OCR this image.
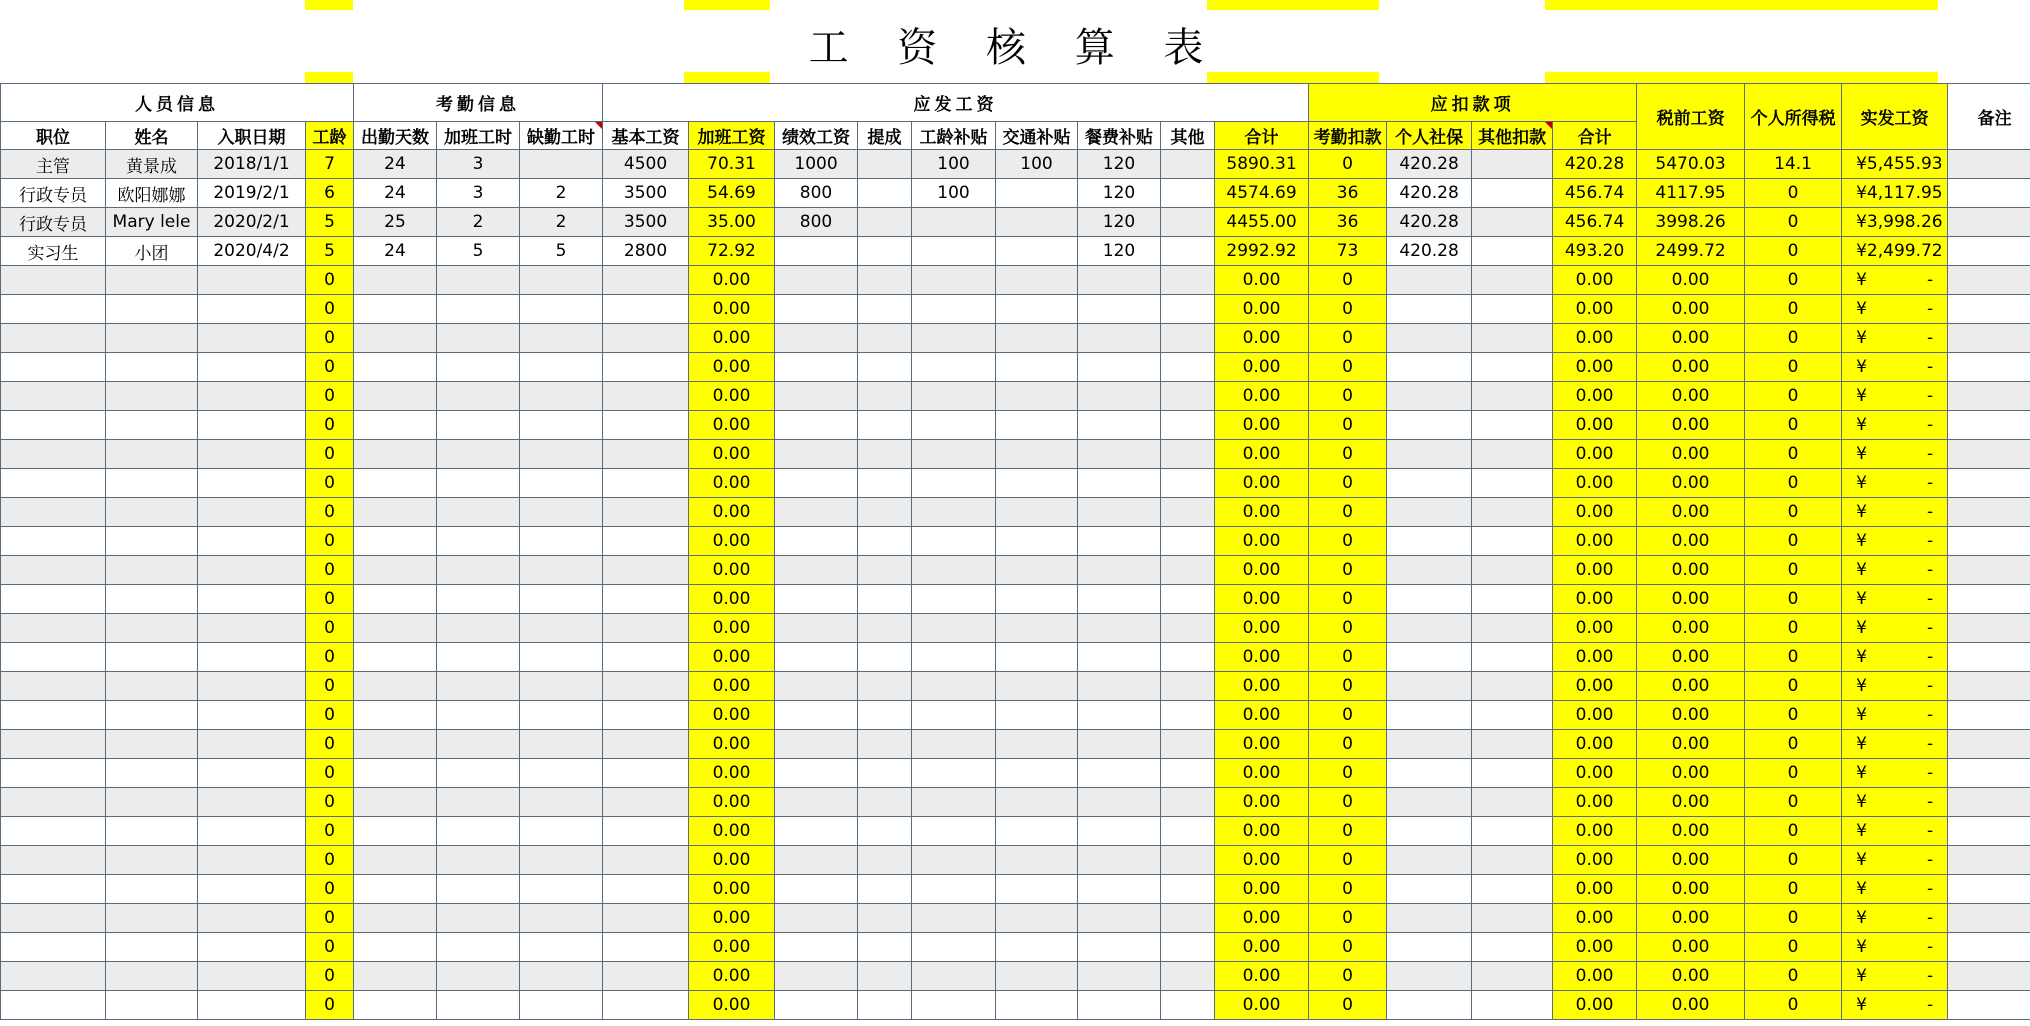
工 资 核 算 表
人员信息				考勤信息			应发工资									应扣款项				税前工资	个人所得税	实发工资	备注
职位	姓名	入职日期	工龄	出勤天数	加班工时	缺勤工时	基本工资	加班工资	绩效工资	提成	工龄补贴	交通补贴	餐费补贴	其他	合计	考勤扣款	个人社保	其他扣款	合计				
主管	黄景成	2018/1/1	7	24	3		4500	70.31	1000		100	100	120		5890.31	0	420.28		420.28	5470.03	14.1	¥ 5,455.93	

行政专员	欧阳娜娜	2019/2/1	6	24	3	2	3500	54.69	800		100		120		4574.69	36	420.28		456.74	4117.95	0	¥ 4,117.95	

行政专员	Mary lele	2020/2/1	5	25	2	2	3500	35.00	800				120		4455.00	36	420.28		456.74	3998.26	0	¥ 3,998.26	

实习生	小团	2020/4/2	5	24	5	5	2800	72.92					120		2992.92	73	420.28		493.20	2499.72	0	¥ 2,499.72	

			0					0.00							0.00	0			0.00	0.00	0	¥ -	

			0					0.00							0.00	0			0.00	0.00	0	¥ -	

			0					0.00							0.00	0			0.00	0.00	0	¥ -	

			0					0.00							0.00	0			0.00	0.00	0	¥ -	

			0					0.00							0.00	0			0.00	0.00	0	¥ -	

			0					0.00							0.00	0			0.00	0.00	0	¥ -	

			0					0.00							0.00	0			0.00	0.00	0	¥ -	

			0					0.00							0.00	0			0.00	0.00	0	¥ -	

			0					0.00							0.00	0			0.00	0.00	0	¥ -	

			0					0.00							0.00	0			0.00	0.00	0	¥ -	

			0					0.00							0.00	0			0.00	0.00	0	¥ -	

			0					0.00							0.00	0			0.00	0.00	0	¥ -	

			0					0.00							0.00	0			0.00	0.00	0	¥ -	

			0					0.00							0.00	0			0.00	0.00	0	¥ -	

			0					0.00							0.00	0			0.00	0.00	0	¥ -	

			0					0.00							0.00	0			0.00	0.00	0	¥ -	

			0					0.00							0.00	0			0.00	0.00	0	¥ -	

			0					0.00							0.00	0			0.00	0.00	0	¥ -	

			0					0.00							0.00	0			0.00	0.00	0	¥ -	

			0					0.00							0.00	0			0.00	0.00	0	¥ -	

			0					0.00							0.00	0			0.00	0.00	0	¥ -	

			0					0.00							0.00	0			0.00	0.00	0	¥ -	

			0					0.00							0.00	0			0.00	0.00	0	¥ -	

			0					0.00							0.00	0			0.00	0.00	0	¥ -	

			0					0.00							0.00	0			0.00	0.00	0	¥ -	

			0					0.00							0.00	0			0.00	0.00	0	¥ -	
